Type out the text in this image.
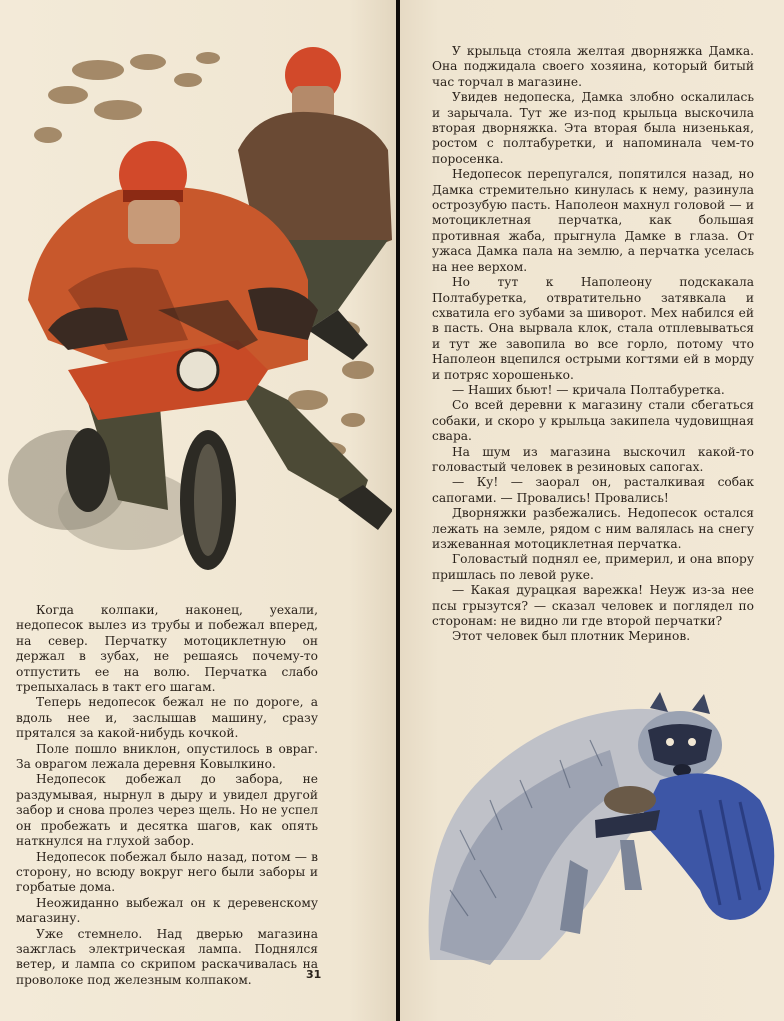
Когда колпаки, наконец, уехали, недопесок вылез из трубы и побежал вперед, на север. Перчатку мотоциклетную он держал в зубах, не решаясь почему-то отпустить ее на волю. Перчатка слабо трепыхалась в такт его шагам.

Теперь недопесок бежал не по дороге, а вдоль нее и, заслышав машину, сразу прятался за какой-нибудь кочкой.

Поле пошло вниклон, опустилось в овраг. За оврагом лежала деревня Ковылкино.

Недопесок добежал до забора, не раздумывая, нырнул в дыру и увидел другой забор и снова пролез через щель. Но не успел он пробежать и десятка шагов, как опять наткнулся на глухой забор.

Недопесок побежал было назад, потом — в сторону, но всюду вокруг него были заборы и горбатые дома.

Неожиданно выбежал он к деревенскому магазину.

Уже стемнело. Над дверью магазина зажглась электрическая лампа. Поднялся ветер, и лампа со скрипом раскачивалась на проволоке под железным колпаком.	31

У крыльца стояла желтая дворняжка Дамка. Она поджидала своего хозяина, который битый час торчал в магазине.

Увидев недопеска, Дамка злобно оскалилась и зарычала. Тут же из-под крыльца выскочила вторая дворняжка. Эта вторая была низенькая, ростом с полтабуретки, и напоминала чем-то поросенка.

Недопесок перепугался, попятился назад, но Дамка стремительно кинулась к нему, разинула острозубую пасть. Наполеон махнул головой — и мотоциклетная перчатка, как большая противная жаба, прыгнула Дамке в глаза. От ужаса Дамка пала на землю, а перчатка уселась на нее верхом.

Но тут к Наполеону подскакала Полтабуретка, отвратительно затявкала и схватила его зубами за шиворот. Мех набился ей в пасть. Она вырвала клок, стала отплевываться и тут же завопила во все горло, потому что Наполеон вцепился острыми когтями ей в морду и потряс хорошенько.

— Наших бьют! — кричала Полтабуретка.

Со всей деревни к магазину стали сбегаться собаки, и скоро у крыльца закипела чудовищная свара.

На шум из магазина выскочил какой-то головастый человек в резиновых сапогах.

— Ку! — заорал он, расталкивая собак сапогами. — Провались! Провались!

Дворняжки разбежались. Недопесок остался лежать на земле, рядом с ним валялась на снегу изжеванная мотоциклетная перчатка.

Головастый поднял ее, примерил, и она впору пришлась по левой руке.

— Какая дурацкая варежка! Неуж из-за нее псы грызутся? — сказал человек и поглядел по сторонам: не видно ли где второй перчатки?

Этот человек был плотник Меринов.
